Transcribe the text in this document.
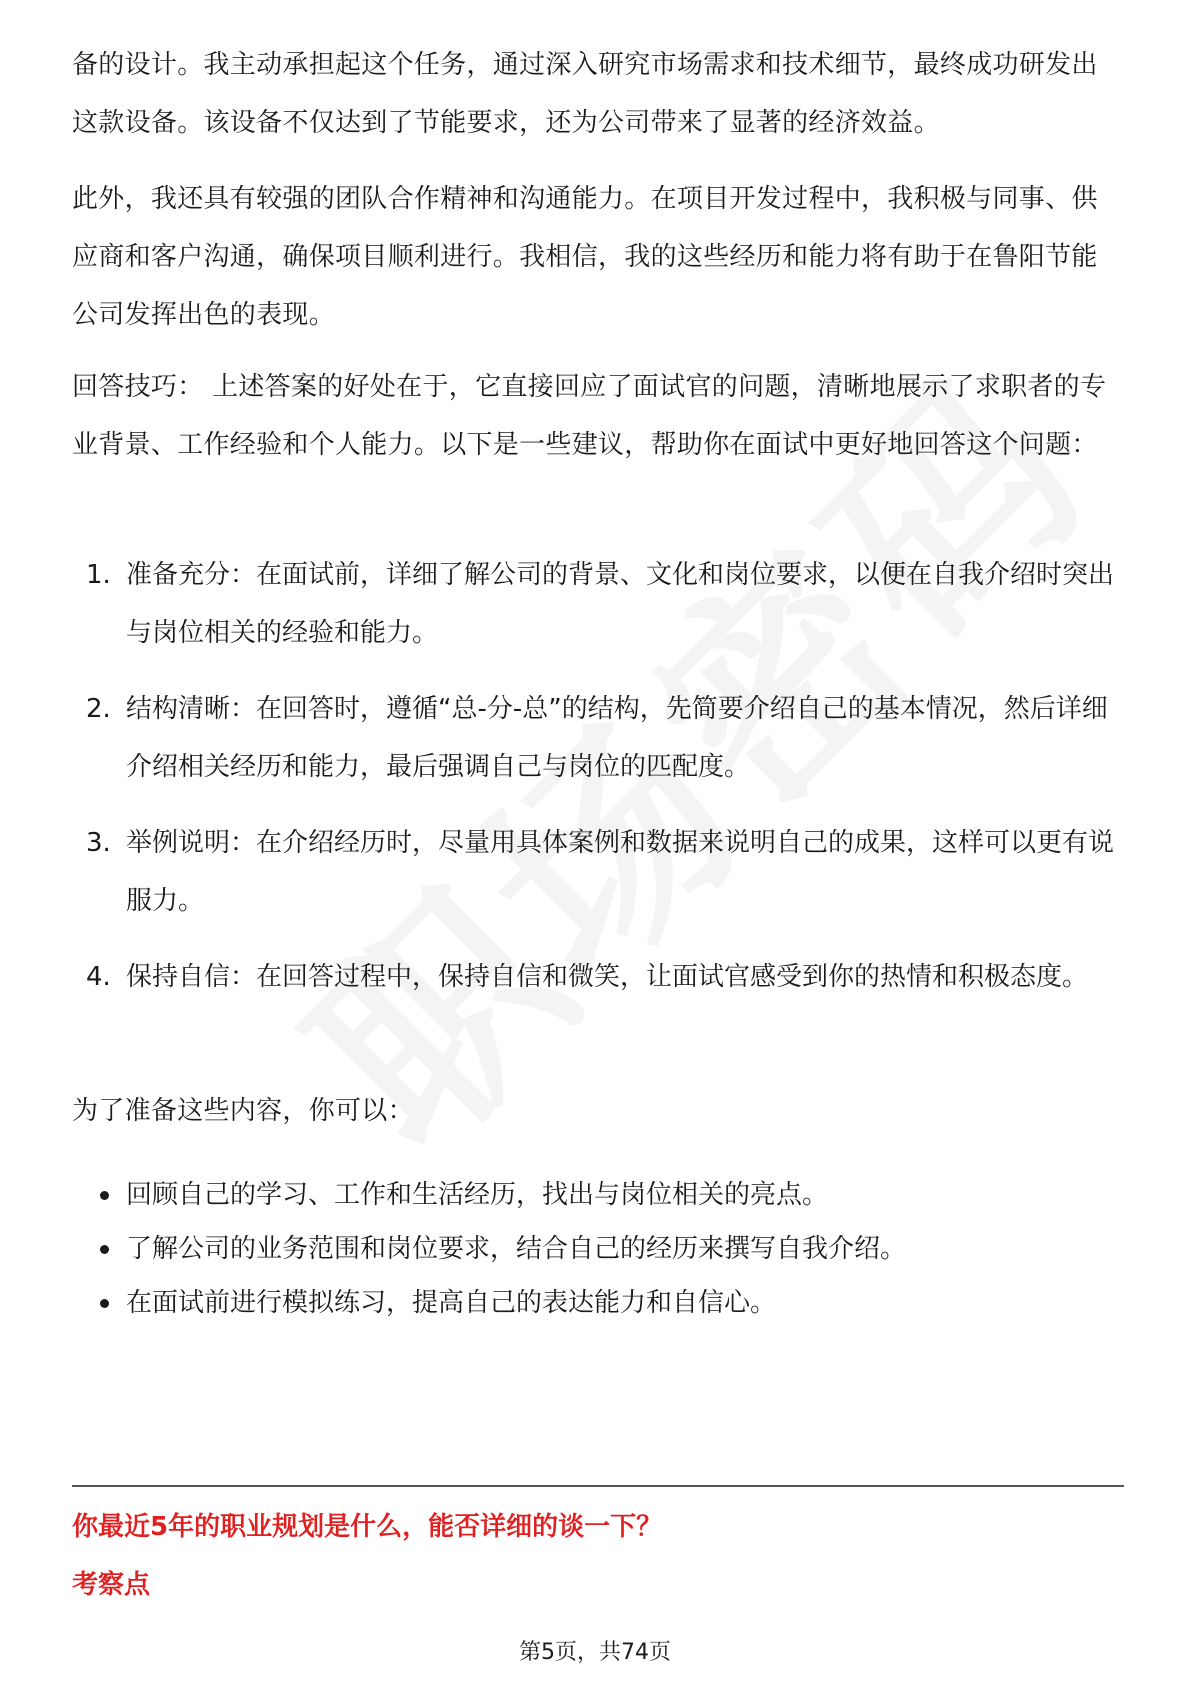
备的设计。我主动承担起这个任务，通过深入研究市场需求和技术细节，最终成功研发出这款设备。该设备不仅达到了节能要求，还为公司带来了显著的经济效益。

此外，我还具有较强的团队合作精神和沟通能力。在项目开发过程中，我积极与同事、供应商和客户沟通，确保项目顺利进行。我相信，我的这些经历和能力将有助于在鲁阳节能公司发挥出色的表现。

回答技巧： 上述答案的好处在于，它直接回应了面试官的问题，清晰地展示了求职者的专业背景、工作经验和个人能力。以下是一些建议，帮助你在面试中更好地回答这个问题：

1. 准备充分：在面试前，详细了解公司的背景、文化和岗位要求，以便在自我介绍时突出与岗位相关的经验和能力。
2. 结构清晰：在回答时，遵循“总-分-总”的结构，先简要介绍自己的基本情况，然后详细介绍相关经历和能力，最后强调自己与岗位的匹配度。
3. 举例说明：在介绍经历时，尽量用具体案例和数据来说明自己的成果，这样可以更有说服力。
4. 保持自信：在回答过程中，保持自信和微笑，让面试官感受到你的热情和积极态度。

为了准备这些内容，你可以：

回顾自己的学习、工作和生活经历，找出与岗位相关的亮点。
了解公司的业务范围和岗位要求，结合自己的经历来撰写自我介绍。
在面试前进行模拟练习，提高自己的表达能力和自信心。
你最近5年的职业规划是什么，能否详细的谈一下？
考察点
第5页，共74页
